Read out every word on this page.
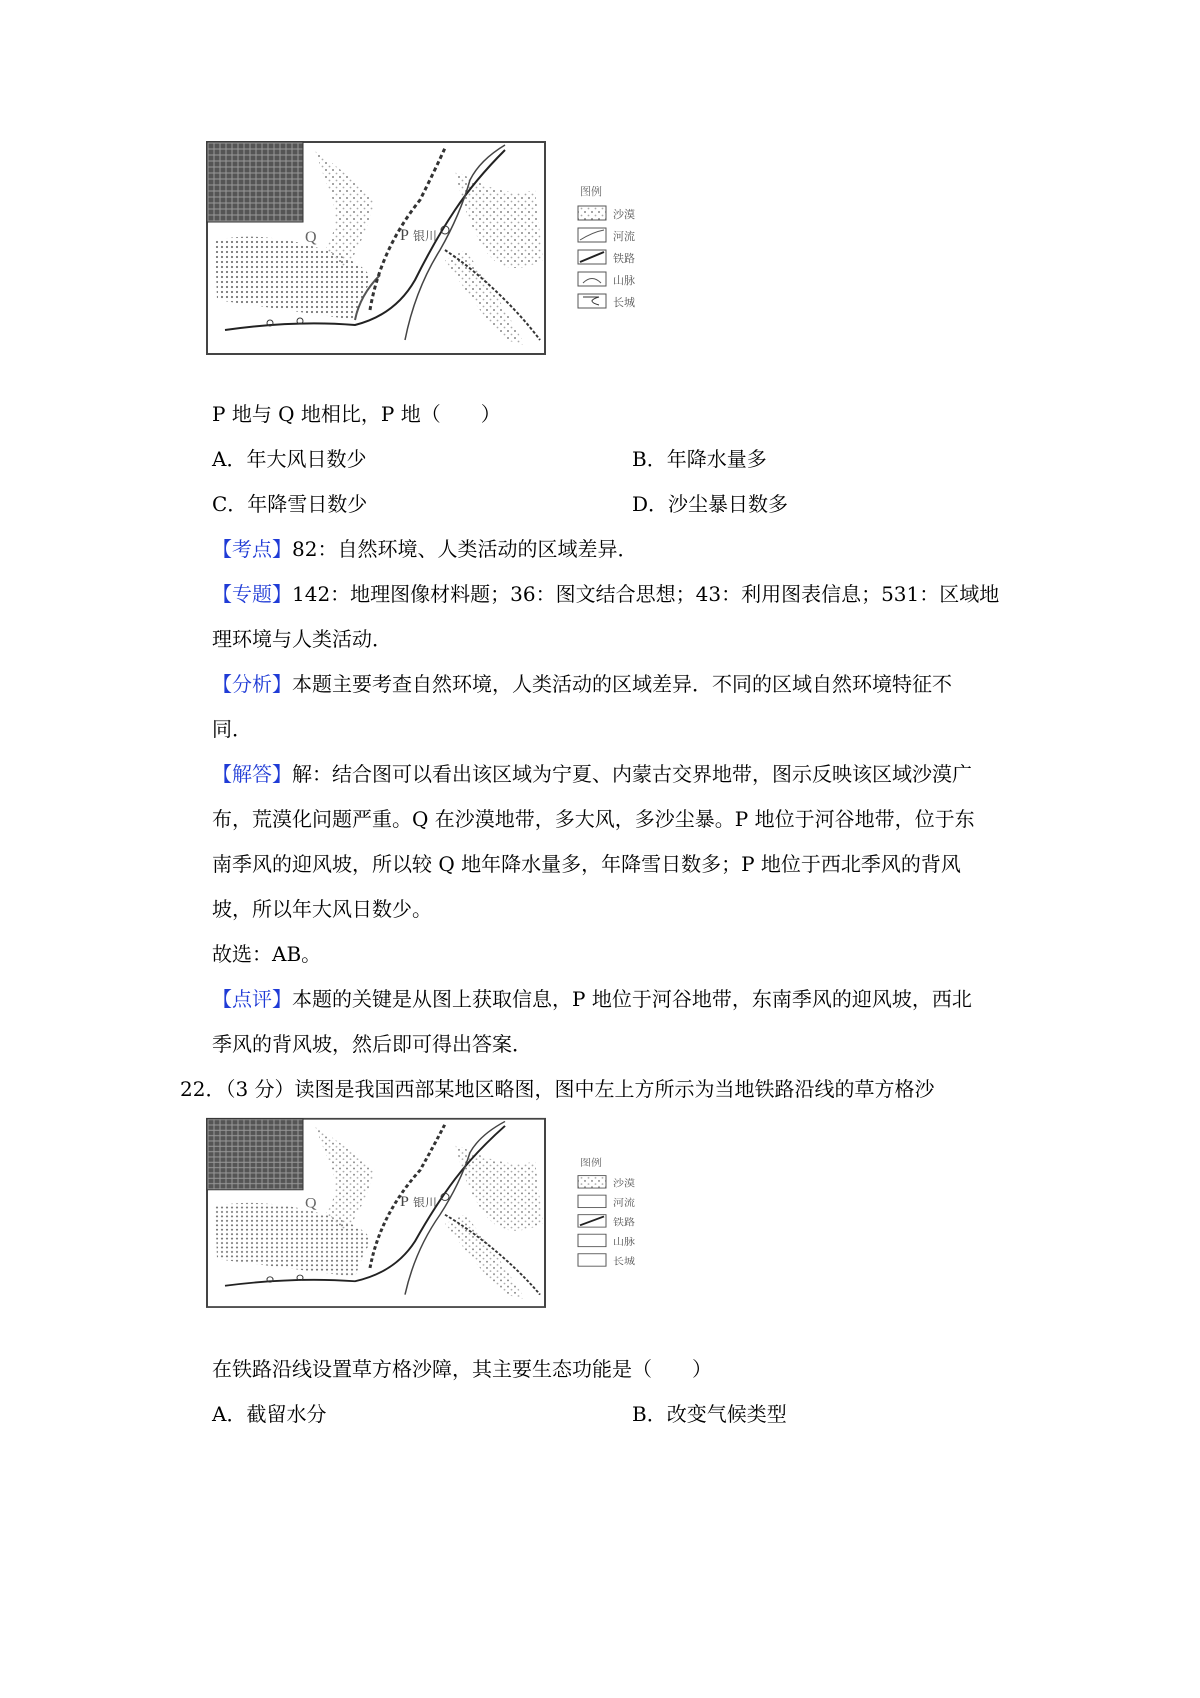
Q	P 银川
图例
沙漠
河流
铁路
山脉
长城
P 地与 Q 地相比，P 地（　　）
A．年大风日数少	B．年降水量多
C．年降雪日数少	D．沙尘暴日数多
【考点】82：自然环境、人类活动的区域差异．
【专题】142：地理图像材料题；36：图文结合思想；43：利用图表信息；531：区域地
理环境与人类活动．
【分析】本题主要考查自然环境，人类活动的区域差异．不同的区域自然环境特征不
同．
【解答】解：结合图可以看出该区域为宁夏、内蒙古交界地带，图示反映该区域沙漠广
布，荒漠化问题严重。Q 在沙漠地带，多大风，多沙尘暴。P 地位于河谷地带，位于东
南季风的迎风坡，所以较 Q 地年降水量多，年降雪日数多；P 地位于西北季风的背风
坡，所以年大风日数少。
故选：AB。
【点评】本题的关键是从图上获取信息，P 地位于河谷地带，东南季风的迎风坡，西北
季风的背风坡，然后即可得出答案．
22．（3 分）读图是我国西部某地区略图，图中左上方所示为当地铁路沿线的草方格沙
Q	P 银川
图例
沙漠
河流
铁路
山脉
长城
在铁路沿线设置草方格沙障，其主要生态功能是（　　）
A．截留水分	B．改变气候类型
